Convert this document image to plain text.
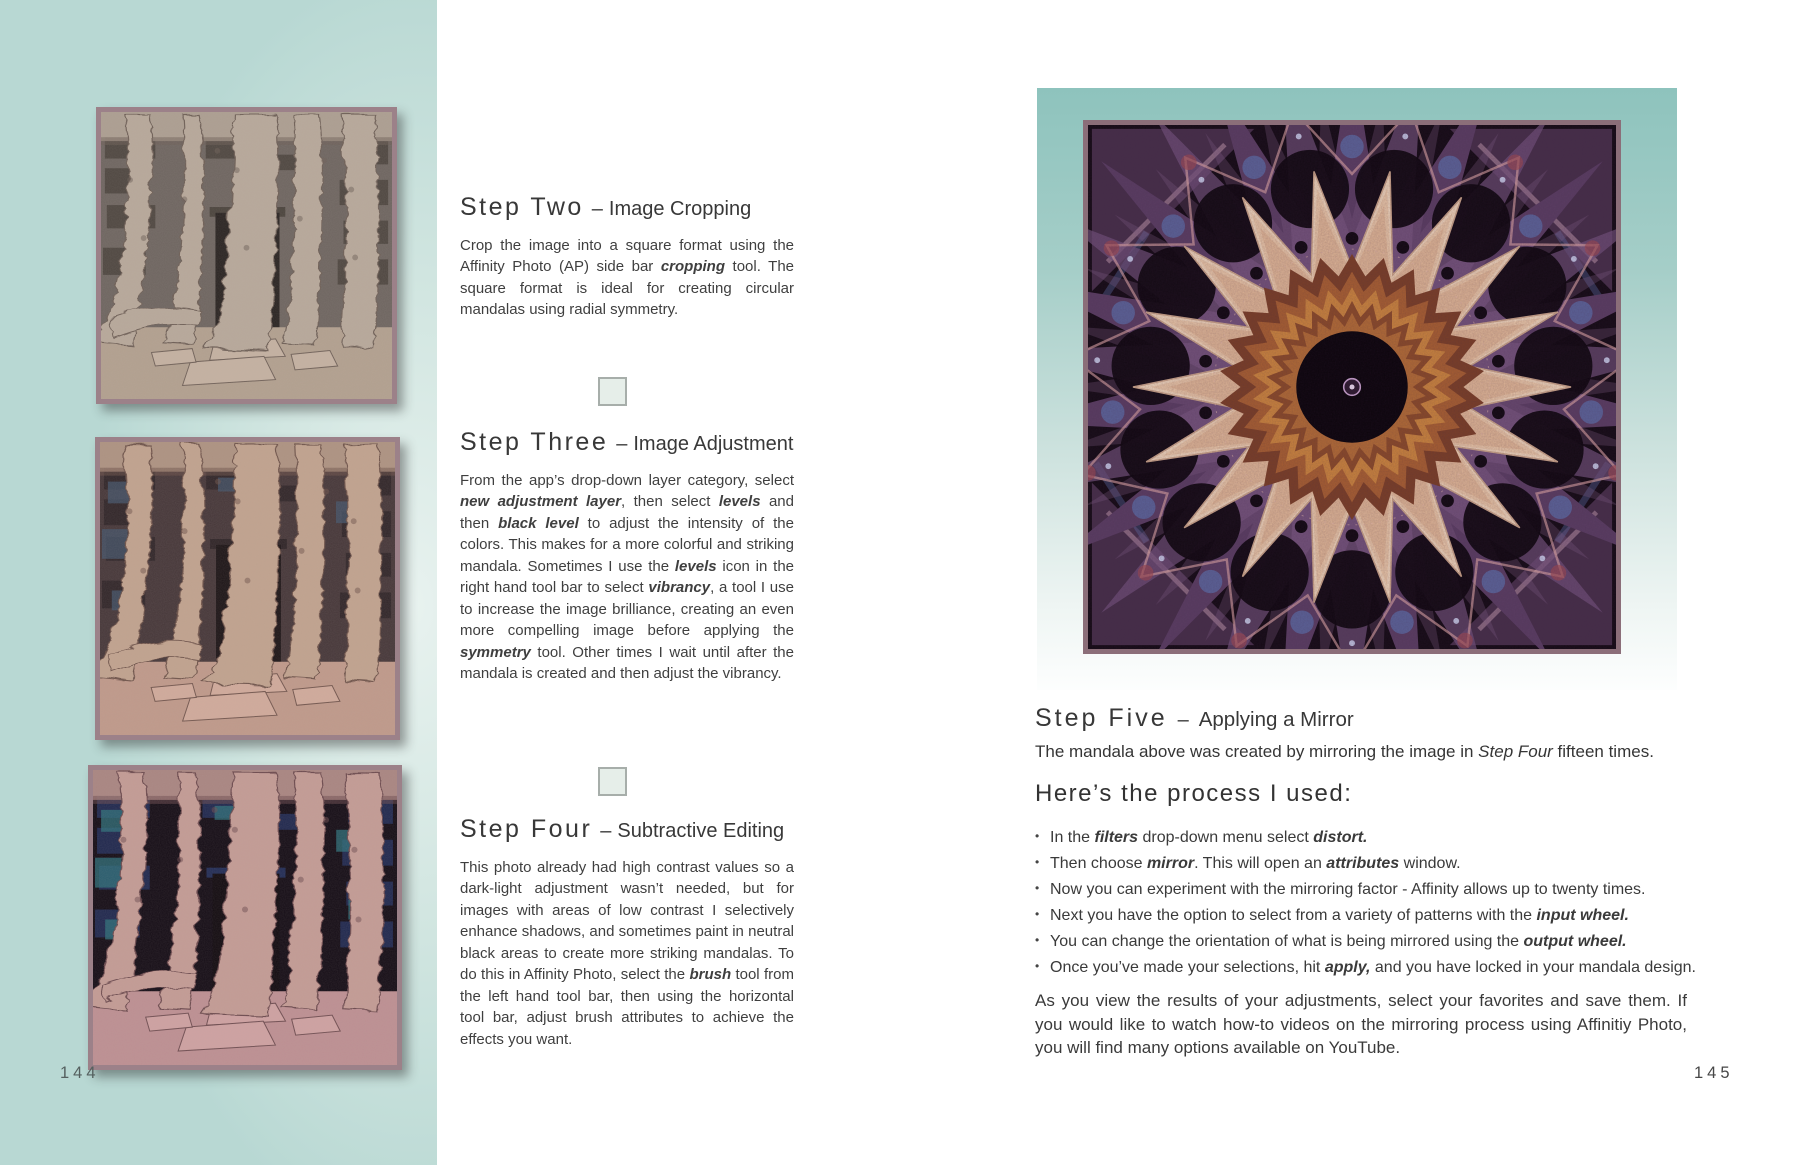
144
Step Two – Image Cropping

Crop the image into a square format using the Affinity Photo (AP) side bar cropping tool. The square format is ideal for creating circular mandalas using radial symmetry.

Step Three – Image Adjustment

From the app’s drop-down layer category, select new adjustment layer, then select levels and then black level to adjust the intensity of the colors. This makes for a more colorful and striking mandala. Sometimes I use the levels icon in the right hand tool bar to select vibrancy, a tool I use to increase the image brilliance, creating an even more compelling image before applying the symmetry tool. Other times I wait until after the mandala is created and then adjust the vibrancy.

Step Four – Subtractive Editing

This photo already had high contrast values so a dark-light adjustment wasn’t needed, but for images with areas of low contrast I selectively enhance shadows, and sometimes paint in neutral black areas to create more striking mandalas. To do this in Affinity Photo, select the brush tool from the left hand tool bar, then using the horizontal tool bar, adjust brush attributes to achieve the effects you want.

Step Five – Applying a Mirror

The mandala above was created by mirroring the image in Step Four fifteen times.

Here’s the process I used:
• In the filters drop-down menu select distort.
• Then choose mirror. This will open an attributes window.
• Now you can experiment with the mirroring factor - Affinity allows up to twenty times.
• Next you have the option to select from a variety of patterns with the input wheel.
• You can change the orientation of what is being mirrored using the output wheel.
• Once you’ve made your selections, hit apply, and you have locked in your mandala design.

As you view the results of your adjustments, select your favorites and save them. If you would like to watch how-to videos on the mirroring process using Affinitiy Photo, you will find many options available on YouTube.

145
